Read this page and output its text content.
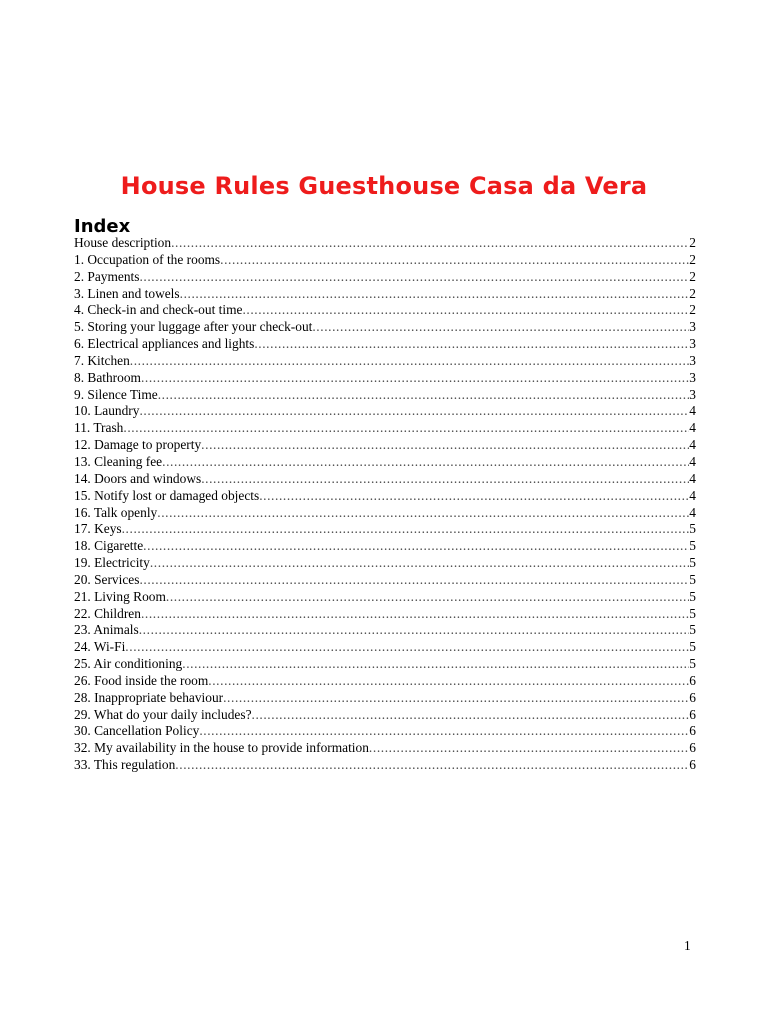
House Rules Guesthouse Casa da Vera
Index
House description .....	2
1. Occupation of the rooms .....	2
2. Payments .....	2
3. Linen and towels .....	2
4. Check-in and check-out time .....	2
5. Storing your luggage after your check-out .....	3
6. Electrical appliances and lights .....	3
7. Kitchen .....	3
8. Bathroom .....	3
9. Silence Time .....	3
10. Laundry .....	4
11. Trash .....	4
12. Damage to property .....	4
13. Cleaning fee .....	4
14. Doors and windows .....	4
15. Notify lost or damaged objects .....	4
16. Talk openly .....	4
17. Keys .....	5
18. Cigarette .....	5
19. Electricity .....	5
20. Services .....	5
21. Living Room .....	5
22. Children .....	5
23. Animals .....	5
24. Wi-Fi .....	5
25. Air conditioning .....	5
26. Food inside the room .....	6
28. Inappropriate behaviour .....	6
29. What do your daily includes? .....	6
30. Cancellation Policy .....	6
32. My availability in the house to provide information .....	6
33. This regulation .....	6
1
